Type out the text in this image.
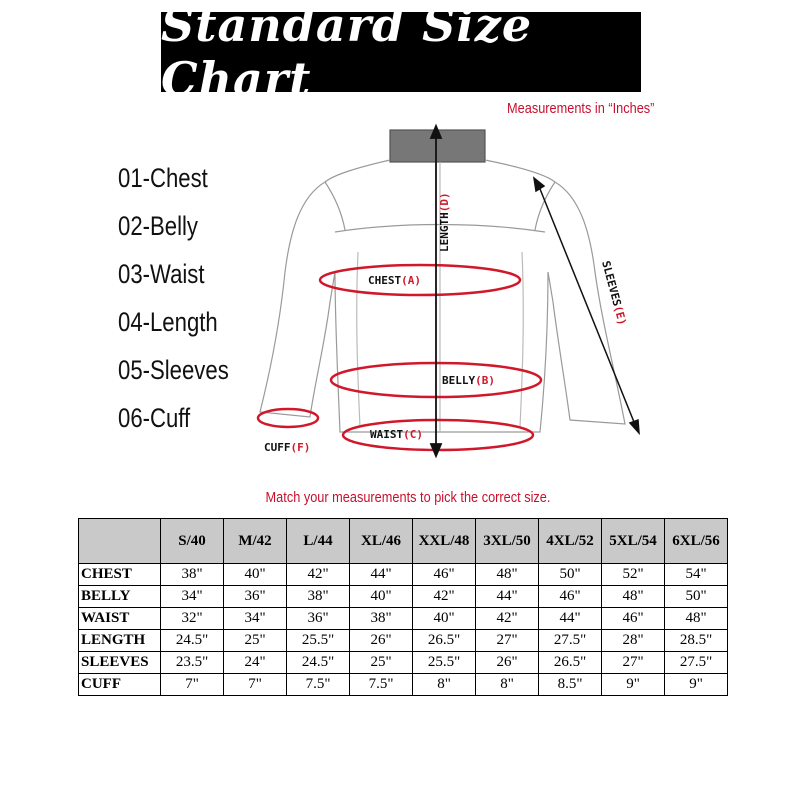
Standard Size Chart
Measurements in “Inches”
01-Chest
02-Belly
03-Waist
04-Length
05-Sleeves
06-Cuff
CHEST(A)
BELLY(B)
WAIST(C)
CUFF(F)
LENGTH(D)
SLEEVES(E)
Match your measurements to pick the correct size.
	S/40	M/42	L/44	XL/46	XXL/48	3XL/50	4XL/52	5XL/54	6XL/56
CHEST	38"	40"	42"	44"	46"	48"	50"	52"	54"
BELLY	34"	36"	38"	40"	42"	44"	46"	48"	50"
WAIST	32"	34"	36"	38"	40"	42"	44"	46"	48"
LENGTH	24.5"	25"	25.5"	26"	26.5"	27"	27.5"	28"	28.5"
SLEEVES	23.5"	24"	24.5"	25"	25.5"	26"	26.5"	27"	27.5"
CUFF	7"	7"	7.5"	7.5"	8"	8"	8.5"	9"	9"
